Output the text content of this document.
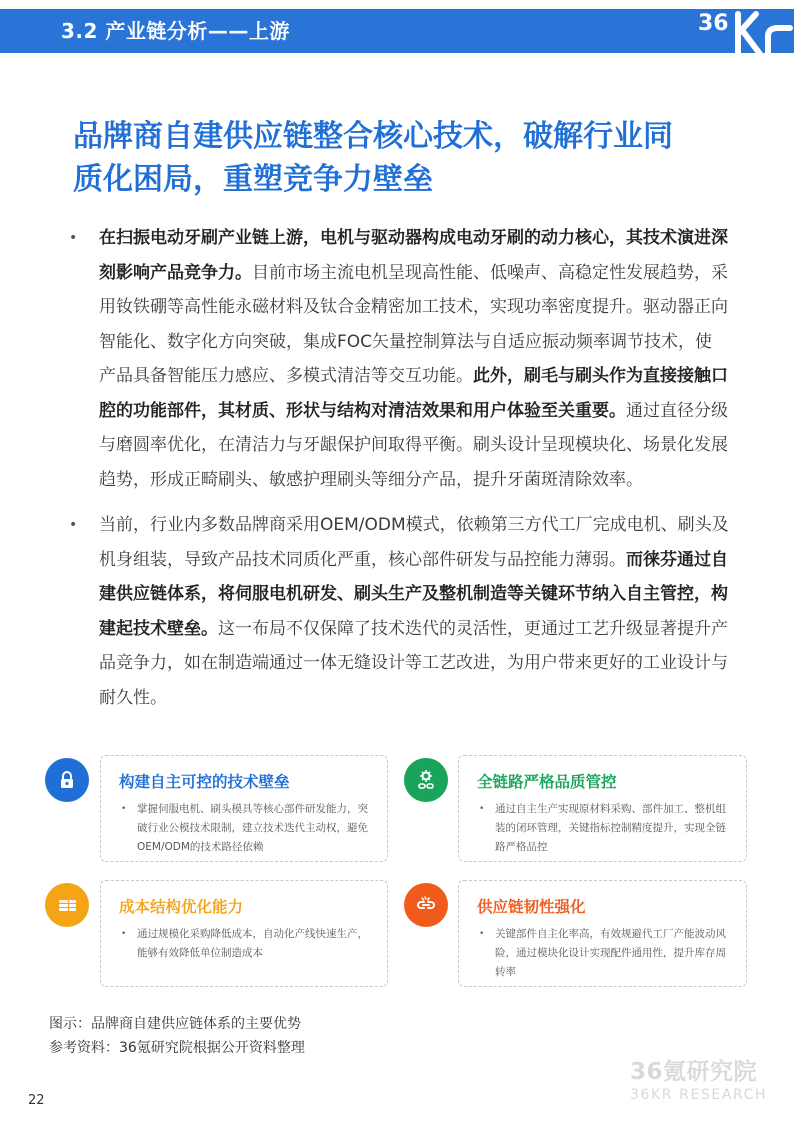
3.2 产业链分析——上游	36
品牌商自建供应链整合核心技术，破解行业同
质化困局，重塑竞争力壁垒
• 在扫振电动牙刷产业链上游，电机与驱动器构成电动牙刷的动力核心，其技术演进深刻影响产品竞争力。目前市场主流电机呈现高性能、低噪声、高稳定性发展趋势，采用钕铁硼等高性能永磁材料及钛合金精密加工技术，实现功率密度提升。驱动器正向智能化、数字化方向突破，集成FOC矢量控制算法与自适应振动频率调节技术，使产品具备智能压力感应、多模式清洁等交互功能。此外，刷毛与刷头作为直接接触口腔的功能部件，其材质、形状与结构对清洁效果和用户体验至关重要。通过直径分级与磨圆率优化，在清洁力与牙龈保护间取得平衡。刷头设计呈现模块化、场景化发展趋势，形成正畸刷头、敏感护理刷头等细分产品，提升牙菌斑清除效率。
• 当前，行业内多数品牌商采用OEM/ODM模式，依赖第三方代工厂完成电机、刷头及机身组装，导致产品技术同质化严重，核心部件研发与品控能力薄弱。而徕芬通过自建供应链体系，将伺服电机研发、刷头生产及整机制造等关键环节纳入自主管控，构建起技术壁垒。这一布局不仅保障了技术迭代的灵活性，更通过工艺升级显著提升产品竞争力，如在制造端通过一体无缝设计等工艺改进，为用户带来更好的工业设计与耐久性。
构建自主可控的技术壁垒
• 掌握伺服电机、刷头模具等核心部件研发能力，突破行业公模技术限制，建立技术迭代主动权，避免OEM/ODM的技术路径依赖
全链路严格品质管控
• 通过自主生产实现原材料采购、部件加工、整机组装的闭环管理，关键指标控制精度提升，实现全链路严格品控
成本结构优化能力
• 通过规模化采购降低成本，自动化产线快速生产，能够有效降低单位制造成本
供应链韧性强化
• 关键部件自主化率高，有效规避代工厂产能波动风险，通过模块化设计实现配件通用性，提升库存周转率
图示：品牌商自建供应链体系的主要优势
参考资料：36氪研究院根据公开资料整理
36氪研究院
36KR RESEARCH
22
